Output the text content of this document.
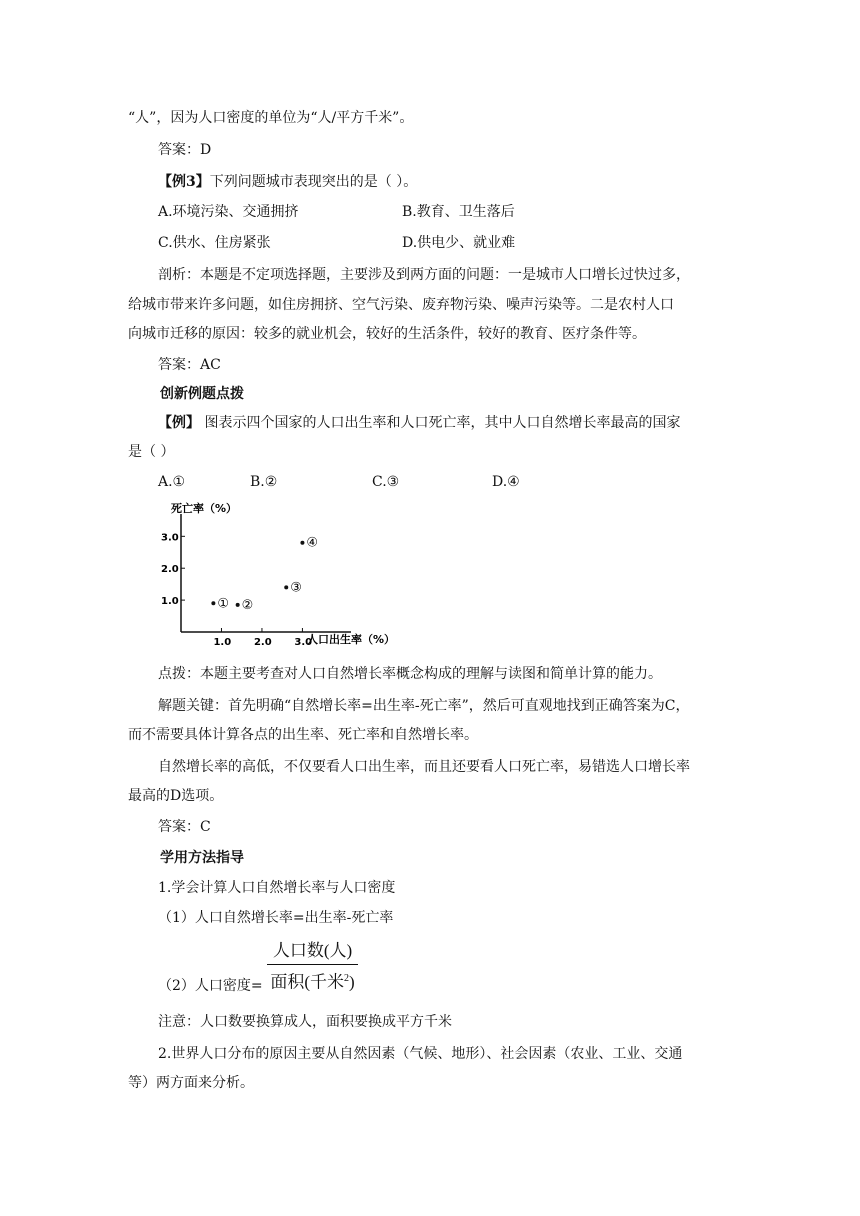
“人”，因为人口密度的单位为“人/平方千米”。
答案：D
【例3】下列问题城市表现突出的是（ ）。
A.环境污染、交通拥挤	B.教育、卫生落后
C.供水、住房紧张	D.供电少、就业难
剖析：本题是不定项选择题，主要涉及到两方面的问题：一是城市人口增长过快过多，
给城市带来许多问题，如住房拥挤、空气污染、废弃物污染、噪声污染等。二是农村人口
向城市迁移的原因：较多的就业机会，较好的生活条件，较好的教育、医疗条件等。
答案：AC
创新例题点拨
【例】 图表示四个国家的人口出生率和人口死亡率，其中人口自然增长率最高的国家
是（ ）
A.①	B.②	C.③	D.④
死亡率（%）
人口出生率（%）
1.0 2.0 3.0
1.0
2.0
3.0
① ②
③
④
点拨：本题主要考查对人口自然增长率概念构成的理解与读图和简单计算的能力。
解题关键：首先明确“自然增长率=出生率-死亡率”，然后可直观地找到正确答案为C，
而不需要具体计算各点的出生率、死亡率和自然增长率。
自然增长率的高低，不仅要看人口出生率，而且还要看人口死亡率，易错选人口增长率
最高的D选项。
答案：C
学用方法指导
1.学会计算人口自然增长率与人口密度
（1）人口自然增长率=出生率-死亡率
人口数(人)
面积(千米$^2$)
（2）人口密度=
注意：人口数要换算成人，面积要换成平方千米
2.世界人口分布的原因主要从自然因素（气候、地形）、社会因素（农业、工业、交通
等）两方面来分析。
